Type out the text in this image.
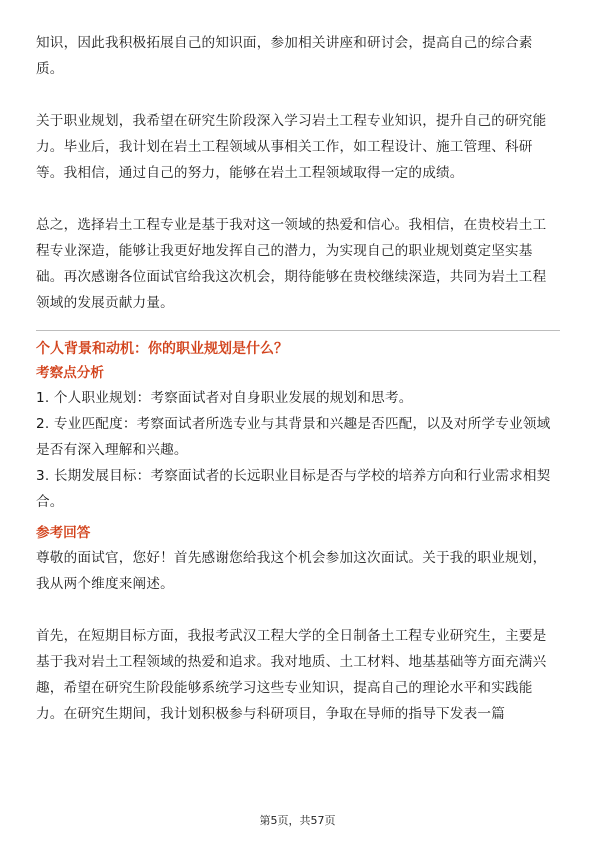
知识，因此我积极拓展自己的知识面，参加相关讲座和研讨会，提高自己的综合素质。

关于职业规划，我希望在研究生阶段深入学习岩土工程专业知识，提升自己的研究能力。毕业后，我计划在岩土工程领域从事相关工作，如工程设计、施工管理、科研等。我相信，通过自己的努力，能够在岩土工程领域取得一定的成绩。

总之，选择岩土工程专业是基于我对这一领域的热爱和信心。我相信，在贵校岩土工程专业深造，能够让我更好地发挥自己的潜力，为实现自己的职业规划奠定坚实基础。再次感谢各位面试官给我这次机会，期待能够在贵校继续深造，共同为岩土工程领域的发展贡献力量。

个人背景和动机：你的职业规划是什么？

考察点分析

1. 个人职业规划：考察面试者对自身职业发展的规划和思考。

2. 专业匹配度：考察面试者所选专业与其背景和兴趣是否匹配，以及对所学专业领域是否有深入理解和兴趣。

3. 长期发展目标：考察面试者的长远职业目标是否与学校的培养方向和行业需求相契合。

参考回答

尊敬的面试官，您好！首先感谢您给我这个机会参加这次面试。关于我的职业规划，我从两个维度来阐述。

首先，在短期目标方面，我报考武汉工程大学的全日制备土工程专业研究生，主要是基于我对岩土工程领域的热爱和追求。我对地质、土工材料、地基基础等方面充满兴趣，希望在研究生阶段能够系统学习这些专业知识，提高自己的理论水平和实践能力。在研究生期间，我计划积极参与科研项目，争取在导师的指导下发表一篇

第5页，共57页
